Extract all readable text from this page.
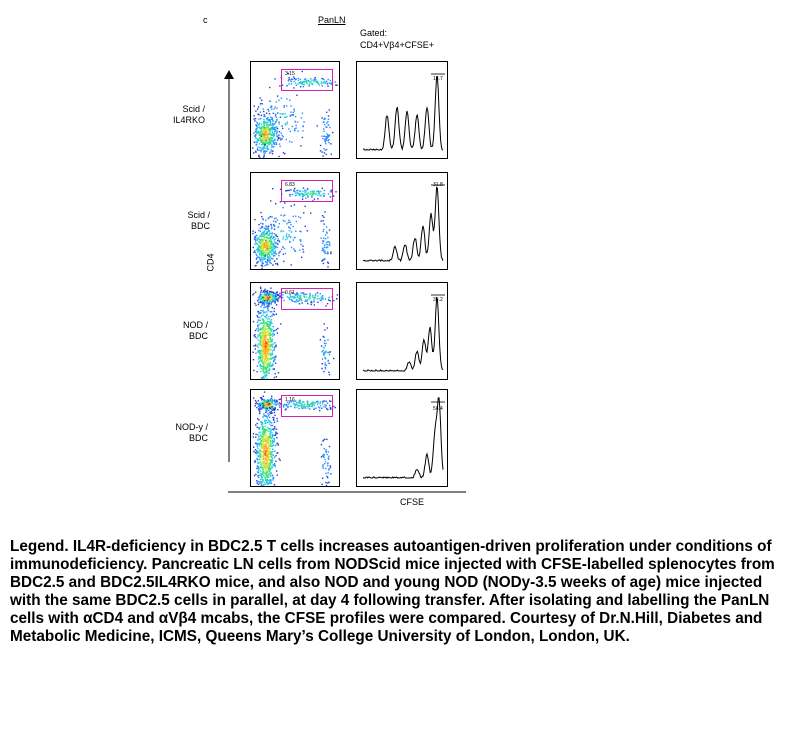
c	PanLN
Gated:
CD4+Vβ4+CFSE+
CD4
CFSE
Scid /
IL4RKO
Scid /
BDC
NOD /
BDC
NOD-y /
BDC
3.15
6.83
0.61
1.16
18.7
31.8
36.2
56.4
Legend. IL4R-deficiency in BDC2.5 T cells increases autoantigen-driven proliferation under conditions of immunodeficiency. Pancreatic LN cells from NODScid mice injected with CFSE-labelled splenocytes from BDC2.5 and BDC2.5IL4RKO mice, and also NOD and young NOD (NODy-3.5 weeks of age) mice injected with the same BDC2.5 cells in parallel, at day 4 following transfer. After isolating and labelling the PanLN cells with αCD4 and αVβ4 mcabs, the CFSE profiles were compared. Courtesy of Dr.N.Hill, Diabetes and Metabolic Medicine, ICMS, Queens Mary’s College University of London, London, UK.
